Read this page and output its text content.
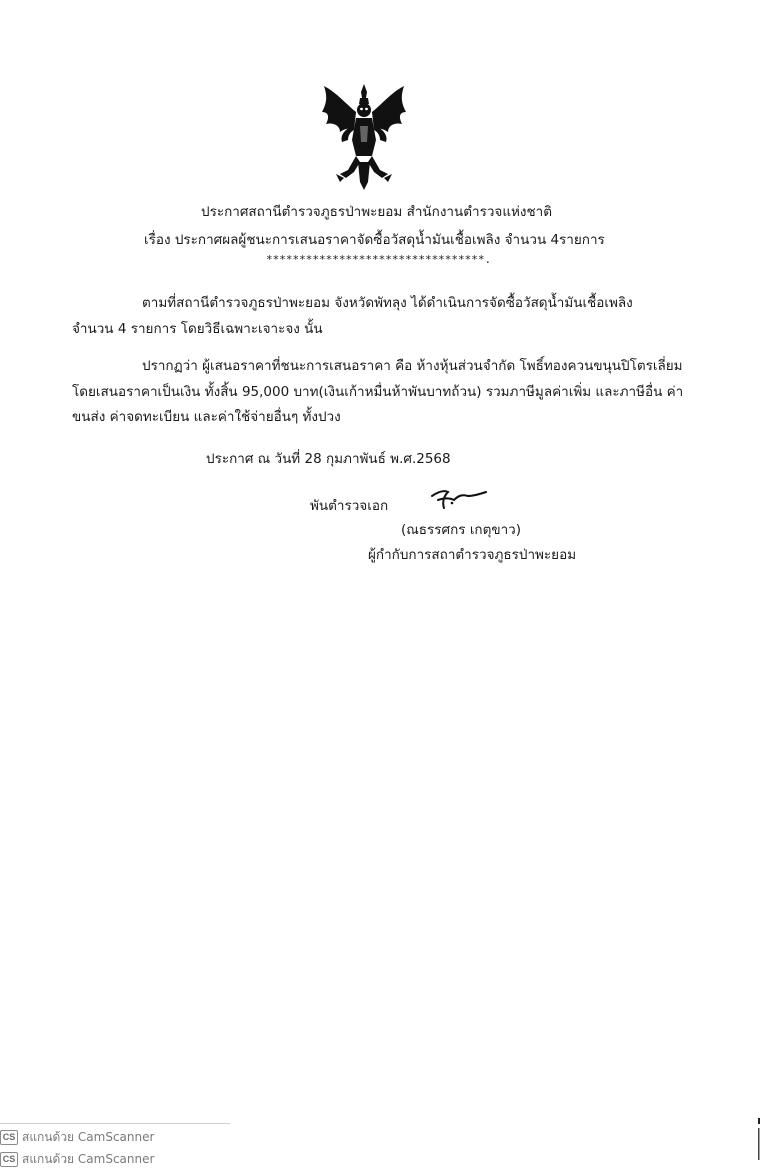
ประกาศสถานีตำรวจภูธรป่าพะยอม สำนักงานตำรวจแห่งชาติ
เรื่อง ประกาศผลผู้ชนะการเสนอราคาจัดซื้อวัสดุน้ำมันเชื้อเพลิง จำนวน 4รายการ
*********************************.
ตามที่สถานีตำรวจภูธรป่าพะยอม จังหวัดพัทลุง ได้ดำเนินการจัดซื้อวัสดุน้ำมันเชื้อเพลิง
จำนวน 4 รายการ โดยวิธีเฉพาะเจาะจง นั้น
ปรากฏว่า ผู้เสนอราคาที่ชนะการเสนอราคา คือ ห้างหุ้นส่วนจำกัด โพธิ์ทองควนขนุนปิโตรเลี่ยม
โดยเสนอราคาเป็นเงิน ทั้งสิ้น 95,000 บาท(เงินเก้าหมื่นห้าพันบาทถ้วน) รวมภาษีมูลค่าเพิ่ม และภาษีอื่น ค่า
ขนส่ง ค่าจดทะเบียน และค่าใช้จ่ายอื่นๆ ทั้งปวง
ประกาศ ณ วันที่ 28 กุมภาพันธ์ พ.ศ.2568
พันตำรวจเอก
(ณธรรศกร เกตุขาว)
ผู้กำกับการสถาตำรวจภูธรป่าพะยอม
CS สแกนด้วย CamScanner
CS สแกนด้วย CamScanner
